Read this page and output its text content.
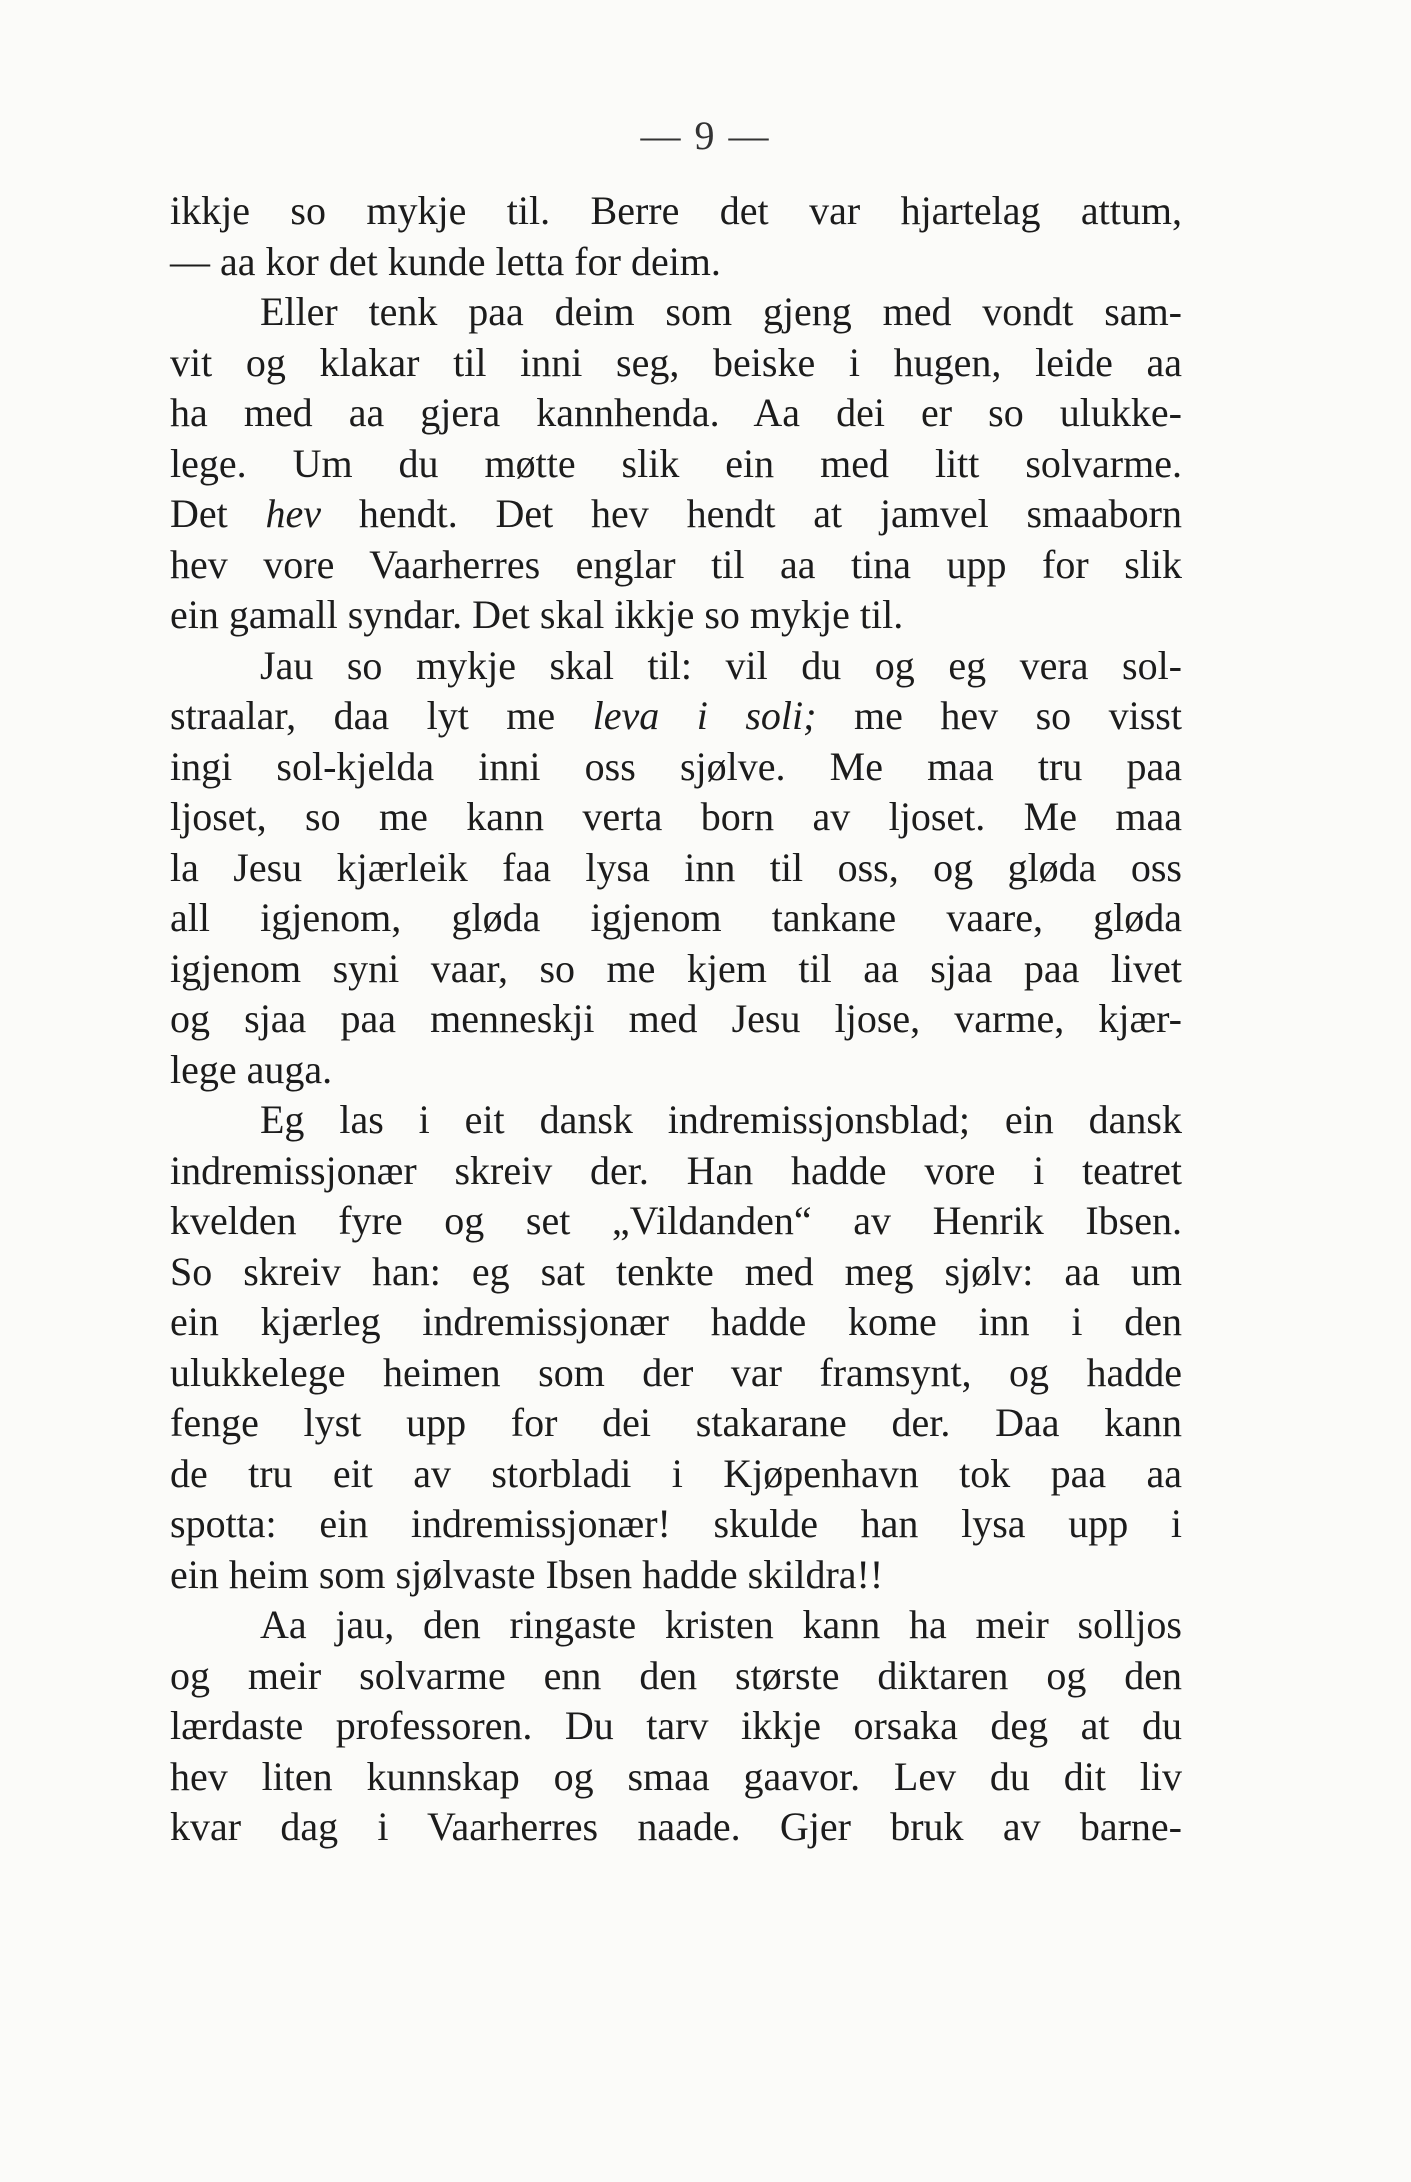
— 9 —
ikkje so mykje til. Berre det var hjartelag attum,
— aa kor det kunde letta for deim.
Eller tenk paa deim som gjeng med vondt sam-
vit og klakar til inni seg, beiske i hugen, leide aa
ha med aa gjera kannhenda. Aa dei er so ulukke-
lege. Um du møtte slik ein med litt solvarme.
Det hev hendt. Det hev hendt at jamvel smaaborn
hev vore Vaarherres englar til aa tina upp for slik
ein gamall syndar. Det skal ikkje so mykje til.
Jau so mykje skal til: vil du og eg vera sol-
straalar, daa lyt me leva i soli; me hev so visst
ingi sol-kjelda inni oss sjølve. Me maa tru paa
ljoset, so me kann verta born av ljoset. Me maa
la Jesu kjærleik faa lysa inn til oss, og gløda oss
all igjenom, gløda igjenom tankane vaare, gløda
igjenom syni vaar, so me kjem til aa sjaa paa livet
og sjaa paa menneskji med Jesu ljose, varme, kjær-
lege auga.
Eg las i eit dansk indremissjonsblad; ein dansk
indremissjonær skreiv der. Han hadde vore i teatret
kvelden fyre og set „Vildanden“ av Henrik Ibsen.
So skreiv han: eg sat tenkte med meg sjølv: aa um
ein kjærleg indremissjonær hadde kome inn i den
ulukkelege heimen som der var framsynt, og hadde
fenge lyst upp for dei stakarane der. Daa kann
de tru eit av storbladi i Kjøpenhavn tok paa aa
spotta: ein indremissjonær! skulde han lysa upp i
ein heim som sjølvaste Ibsen hadde skildra!!
Aa jau, den ringaste kristen kann ha meir solljos
og meir solvarme enn den største diktaren og den
lærdaste professoren. Du tarv ikkje orsaka deg at du
hev liten kunnskap og smaa gaavor. Lev du dit liv
kvar dag i Vaarherres naade. Gjer bruk av barne-
